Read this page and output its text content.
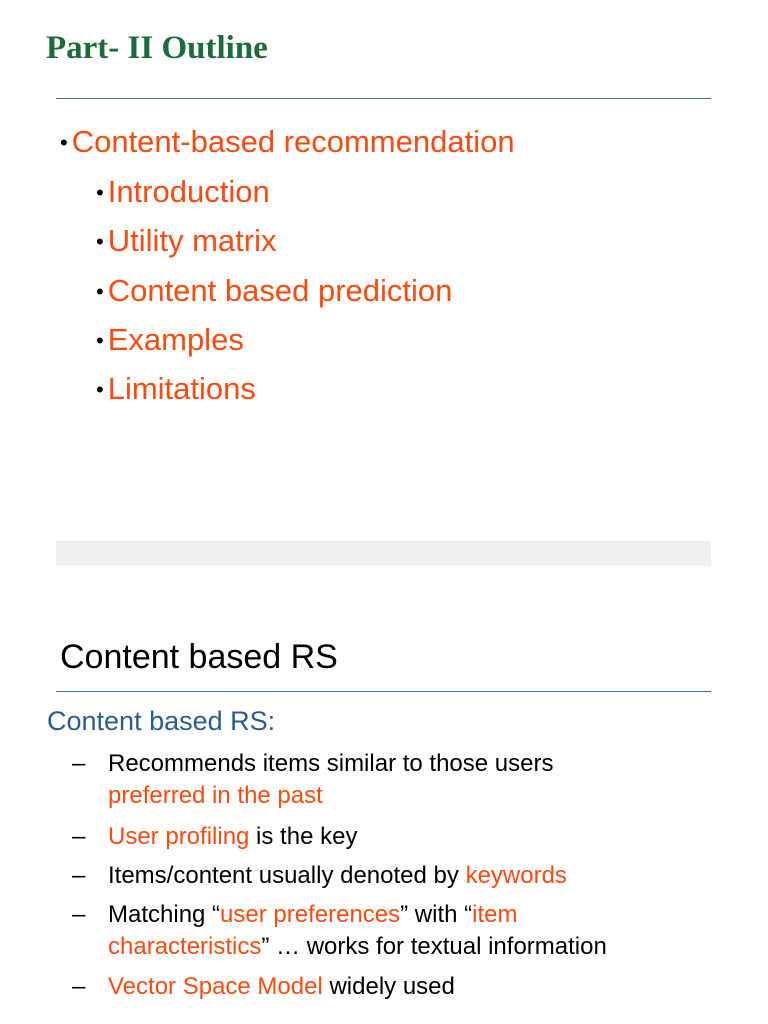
Part- II Outline
• Content-based recommendation
• Introduction
• Utility matrix
• Content based prediction
• Examples
• Limitations
Content based RS
Content based RS:
– Recommends items similar to those users
preferred in the past
– User profiling is the key
– Items/content usually denoted by keywords
– Matching “user preferences” with “item
characteristics” … works for textual information
– Vector Space Model widely used
